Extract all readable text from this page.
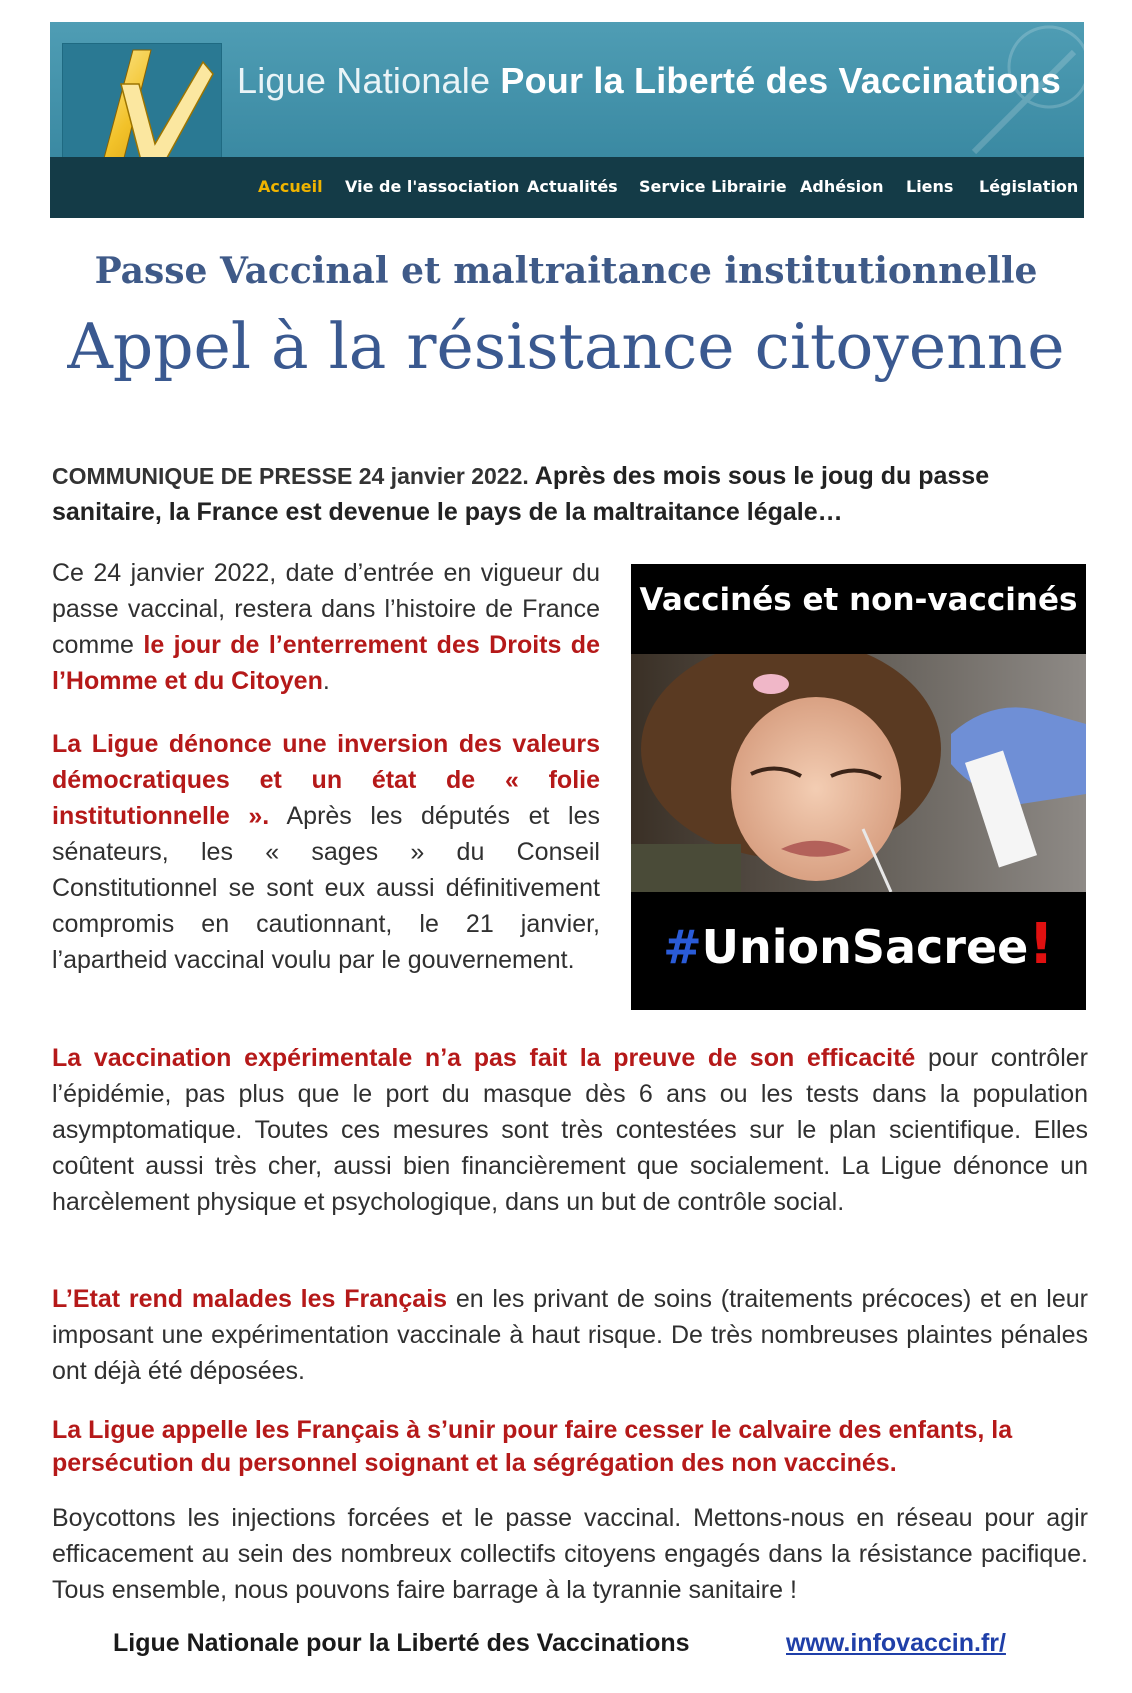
Ligue Nationale Pour la Liberté des Vaccinations
Accueil Vie de l'association Actualités Service Librairie Adhésion Liens Législation
Passe Vaccinal et maltraitance institutionnelle
Appel à la résistance citoyenne
COMMUNIQUE DE PRESSE 24 janvier 2022. Après des mois sous le joug du passe sanitaire, la France est devenue le pays de la maltraitance légale…
Ce 24 janvier 2022, date d’entrée en vigueur du passe vaccinal, restera dans l’histoire de France comme le jour de l’enterrement des Droits de l’Homme et du Citoyen.
La Ligue dénonce une inversion des valeurs démocratiques et un état de « folie institutionnelle ». Après les députés et les sénateurs, les « sages » du Conseil Constitutionnel se sont eux aussi définitivement compromis en cautionnant, le 21 janvier, l’apartheid vaccinal voulu par le gouvernement.
Vaccinés et non-vaccinés
#UnionSacree!
La vaccination expérimentale n’a pas fait la preuve de son efficacité pour contrôler l’épidémie, pas plus que le port du masque dès 6 ans ou les tests dans la population asymptomatique. Toutes ces mesures sont très contestées sur le plan scientifique. Elles coûtent aussi très cher, aussi bien financièrement que socialement. La Ligue dénonce un harcèlement physique et psychologique, dans un but de contrôle social.
L’Etat rend malades les Français en les privant de soins (traitements précoces) et en leur imposant une expérimentation vaccinale à haut risque. De très nombreuses plaintes pénales ont déjà été déposées.
La Ligue appelle les Français à s’unir pour faire cesser le calvaire des enfants, la persécution du personnel soignant et la ségrégation des non vaccinés.
Boycottons les injections forcées et le passe vaccinal. Mettons-nous en réseau pour agir efficacement au sein des nombreux collectifs citoyens engagés dans la résistance pacifique. Tous ensemble, nous pouvons faire barrage à la tyrannie sanitaire !
Ligue Nationale pour la Liberté des Vaccinations	www.infovaccin.fr/
